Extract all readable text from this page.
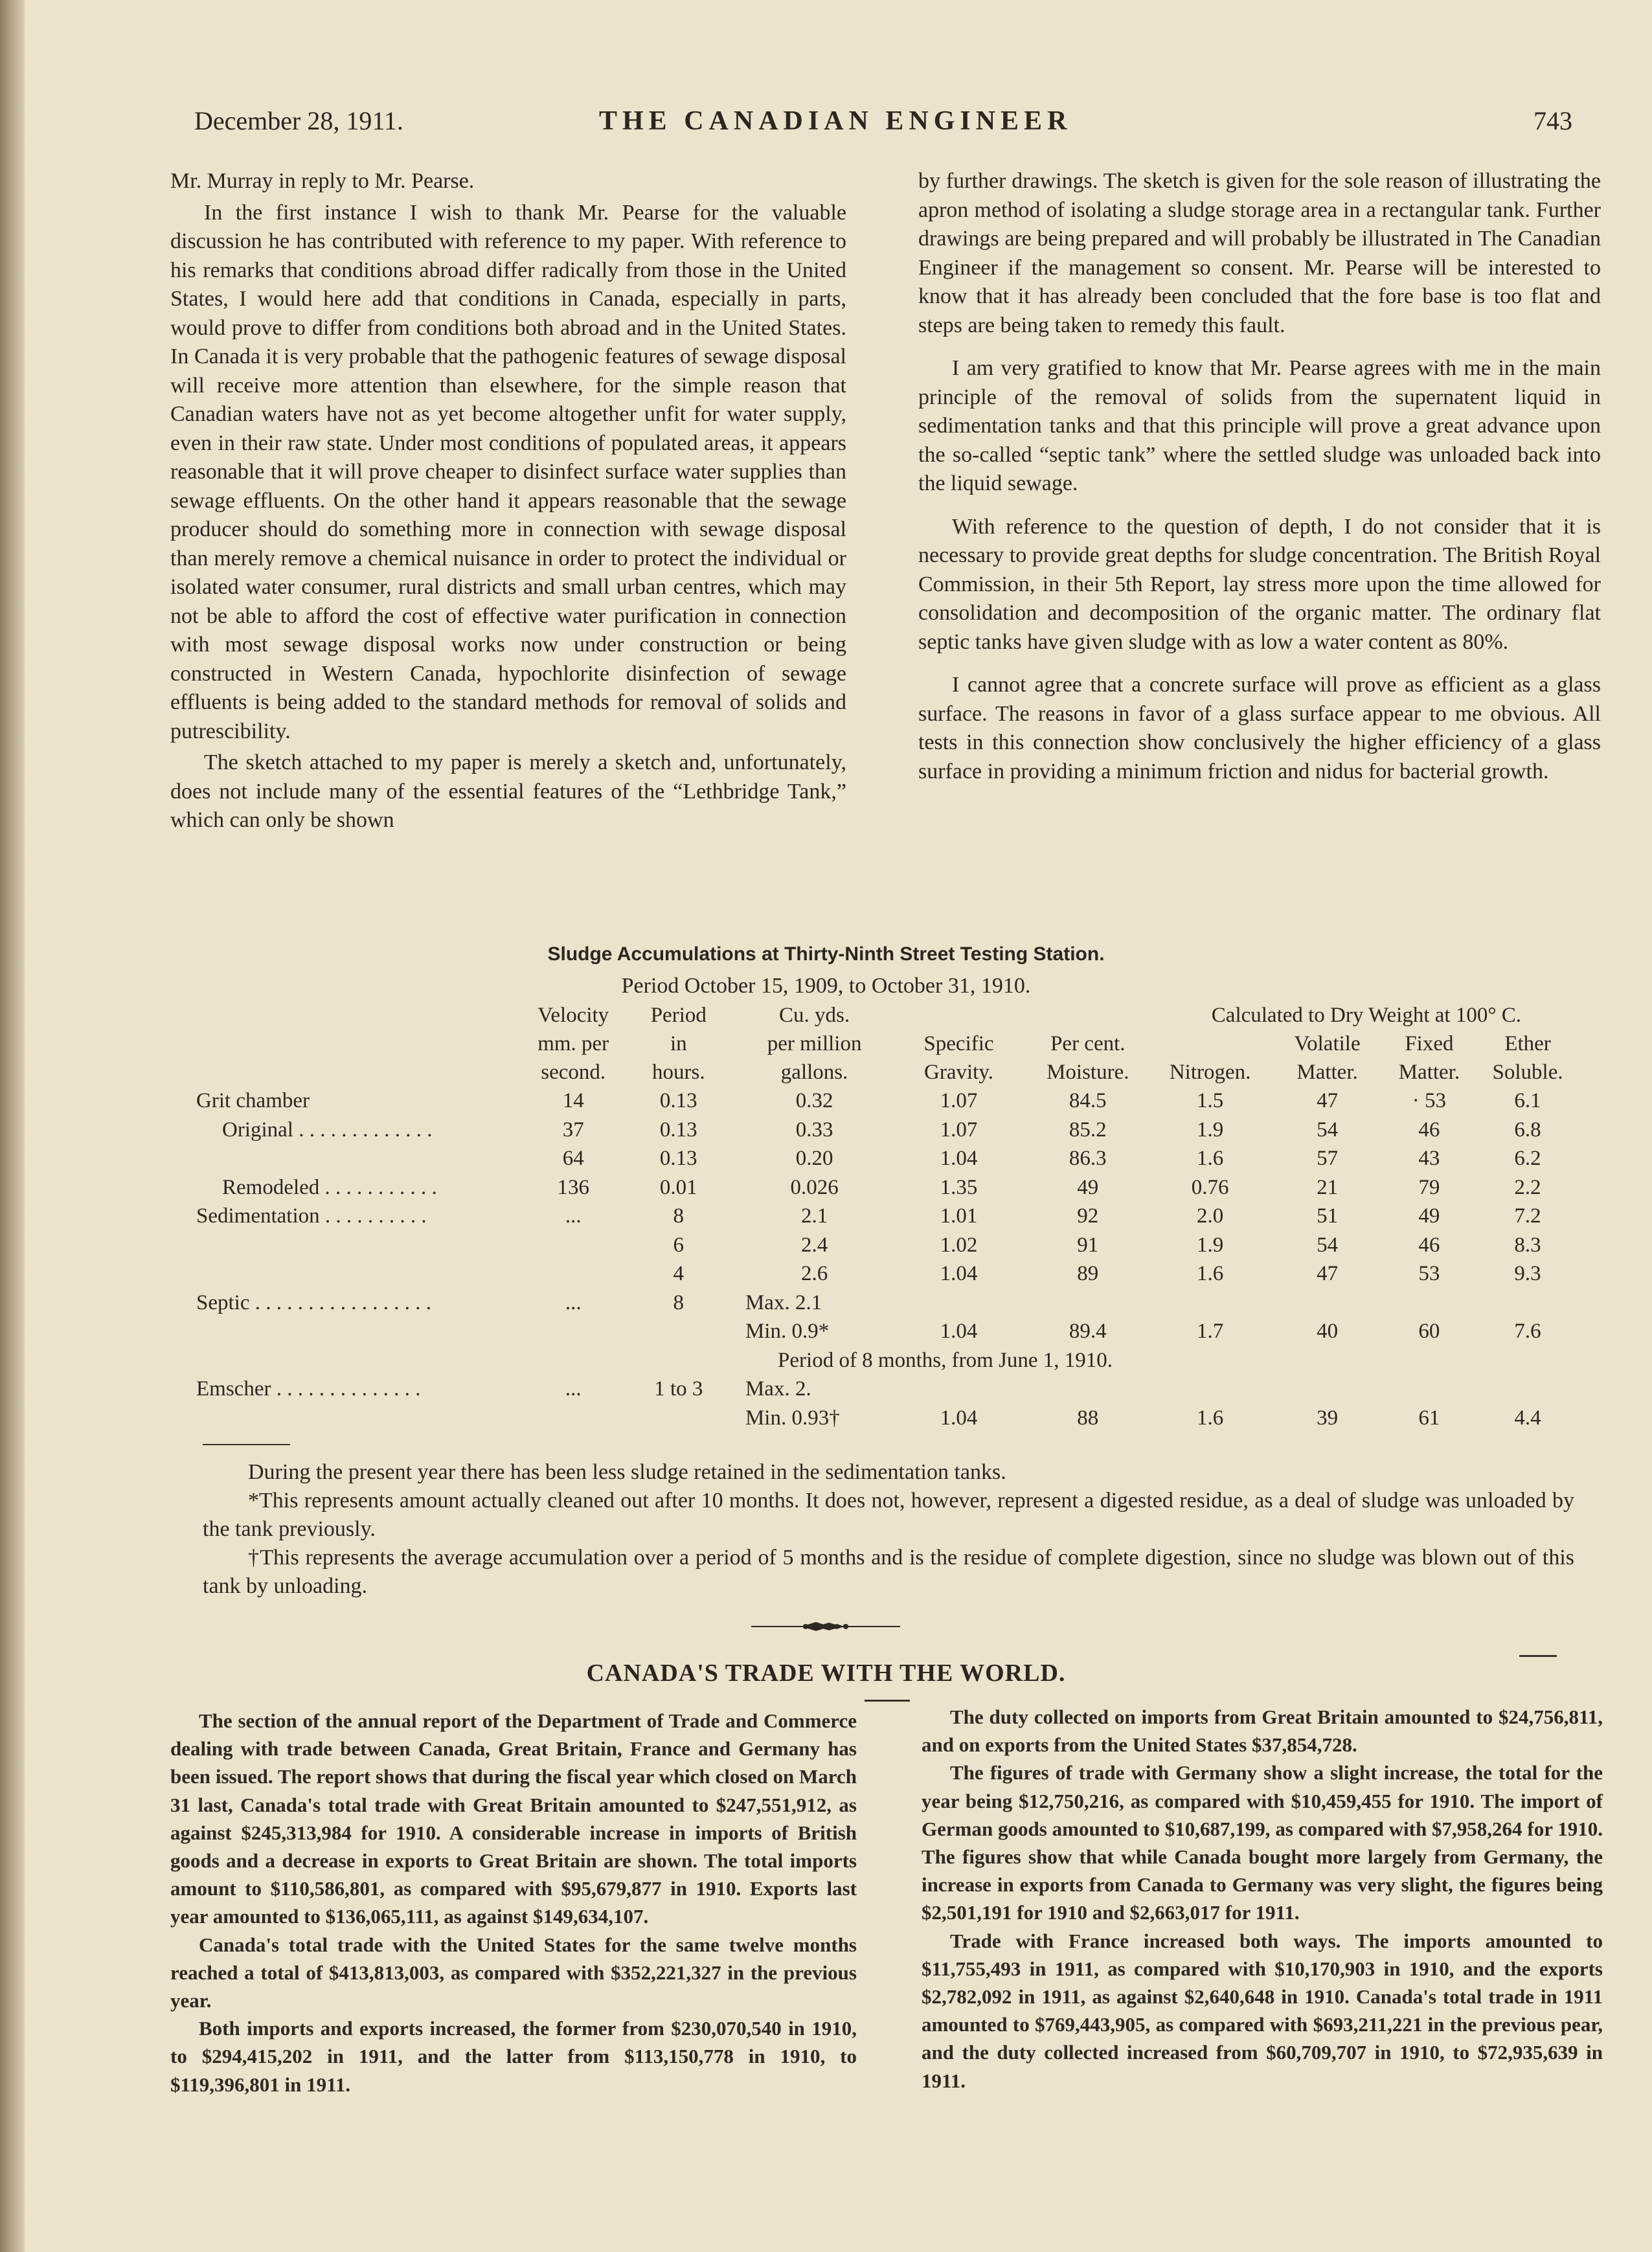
December 28, 1911.	THE CANADIAN ENGINEER	743

Mr. Murray in reply to Mr. Pearse.

In the first instance I wish to thank Mr. Pearse for the valuable discussion he has contributed with reference to my paper. With reference to his remarks that conditions abroad differ radically from those in the United States, I would here add that conditions in Canada, especially in parts, would prove to differ from conditions both abroad and in the United States. In Canada it is very probable that the pathogenic features of sewage disposal will receive more attention than elsewhere, for the simple reason that Canadian waters have not as yet become altogether unfit for water supply, even in their raw state. Under most conditions of populated areas, it appears reasonable that it will prove cheaper to disinfect surface water supplies than sewage effluents. On the other hand it appears reasonable that the sewage producer should do something more in connection with sewage disposal than merely remove a chemical nuisance in order to protect the individual or isolated water consumer, rural districts and small urban centres, which may not be able to afford the cost of effective water purification in connection with most sewage disposal works now under construction or being constructed in Western Canada, hypochlorite disinfection of sewage effluents is being added to the standard methods for removal of solids and putrescibility.

The sketch attached to my paper is merely a sketch and, unfortunately, does not include many of the essential features of the “Lethbridge Tank,” which can only be shown

by further drawings. The sketch is given for the sole reason of illustrating the apron method of isolating a sludge storage area in a rectangular tank. Further drawings are being prepared and will probably be illustrated in The Canadian Engineer if the management so consent. Mr. Pearse will be interested to know that it has already been concluded that the fore base is too flat and steps are being taken to remedy this fault.

I am very gratified to know that Mr. Pearse agrees with me in the main principle of the removal of solids from the supernatent liquid in sedimentation tanks and that this principle will prove a great advance upon the so-called “septic tank” where the settled sludge was unloaded back into the liquid sewage.

With reference to the question of depth, I do not consider that it is necessary to provide great depths for sludge concentration. The British Royal Commission, in their 5th Report, lay stress more upon the time allowed for consolidation and decomposition of the organic matter. The ordinary flat septic tanks have given sludge with as low a water content as 80%.

I cannot agree that a concrete surface will prove as efficient as a glass surface. The reasons in favor of a glass surface appear to me obvious. All tests in this connection show conclusively the higher efficiency of a glass surface in providing a minimum friction and nidus for bacterial growth.

Sludge Accumulations at Thirty-Ninth Street Testing Station.
Period October 15, 1909, to October 31, 1910.
	Velocity	Period	Cu. yds.			Calculated to Dry Weight at 100° C.			
	mm. per	in	per million	Specific	Per cent.		Volatile	Fixed	Ether
	second.	hours.	gallons.	Gravity.	Moisture.	Nitrogen.	Matter.	Matter.	Soluble.
Grit chamber	14	0.13	0.32	1.07	84.5	1.5	47	· 53	6.1
Original . . . . . . . . . . . . .	37	0.13	0.33	1.07	85.2	1.9	54	46	6.8
	64	0.13	0.20	1.04	86.3	1.6	57	43	6.2
Remodeled . . . . . . . . . . .	136	0.01	0.026	1.35	49	0.76	21	79	2.2
Sedimentation . . . . . . . . . .	...	8	2.1	1.01	92	2.0	51	49	7.2
		6	2.4	1.02	91	1.9	54	46	8.3
		4	2.6	1.04	89	1.6	47	53	9.3
Septic . . . . . . . . . . . . . . . . .	...	8	Max. 2.1						
			Min. 0.9*	1.04	89.4	1.7	40	60	7.6
		Period of 8 months, from June 1, 1910.							
Emscher . . . . . . . . . . . . . .	...	1 to 3	Max. 2.						
			Min. 0.93†	1.04	88	1.6	39	61	4.4

During the present year there has been less sludge retained in the sedimentation tanks.

*This represents amount actually cleaned out after 10 months. It does not, however, represent a digested residue, as a deal of sludge was unloaded by the tank previously.

†This represents the average accumulation over a period of 5 months and is the residue of complete digestion, since no sludge was blown out of this tank by unloading.

CANADA'S TRADE WITH THE WORLD.

The section of the annual report of the Department of Trade and Commerce dealing with trade between Canada, Great Britain, France and Germany has been issued. The report shows that during the fiscal year which closed on March 31 last, Canada's total trade with Great Britain amounted to $247,551,912, as against $245,313,984 for 1910. A considerable increase in imports of British goods and a decrease in exports to Great Britain are shown. The total imports amount to $110,586,801, as compared with $95,679,877 in 1910. Exports last year amounted to $136,065,111, as against $149,634,107.

Canada's total trade with the United States for the same twelve months reached a total of $413,813,003, as compared with $352,221,327 in the previous year.

Both imports and exports increased, the former from $230,070,540 in 1910, to $294,415,202 in 1911, and the latter from $113,150,778 in 1910, to $119,396,801 in 1911.

The duty collected on imports from Great Britain amounted to $24,756,811, and on exports from the United States $37,854,728.

The figures of trade with Germany show a slight increase, the total for the year being $12,750,216, as compared with $10,459,455 for 1910. The import of German goods amounted to $10,687,199, as compared with $7,958,264 for 1910. The figures show that while Canada bought more largely from Germany, the increase in exports from Canada to Germany was very slight, the figures being $2,501,191 for 1910 and $2,663,017 for 1911.

Trade with France increased both ways. The imports amounted to $11,755,493 in 1911, as compared with $10,170,903 in 1910, and the exports $2,782,092 in 1911, as against $2,640,648 in 1910. Canada's total trade in 1911 amounted to $769,443,905, as compared with $693,211,221 in the previous pear, and the duty collected increased from $60,709,707 in 1910, to $72,935,639 in 1911.
